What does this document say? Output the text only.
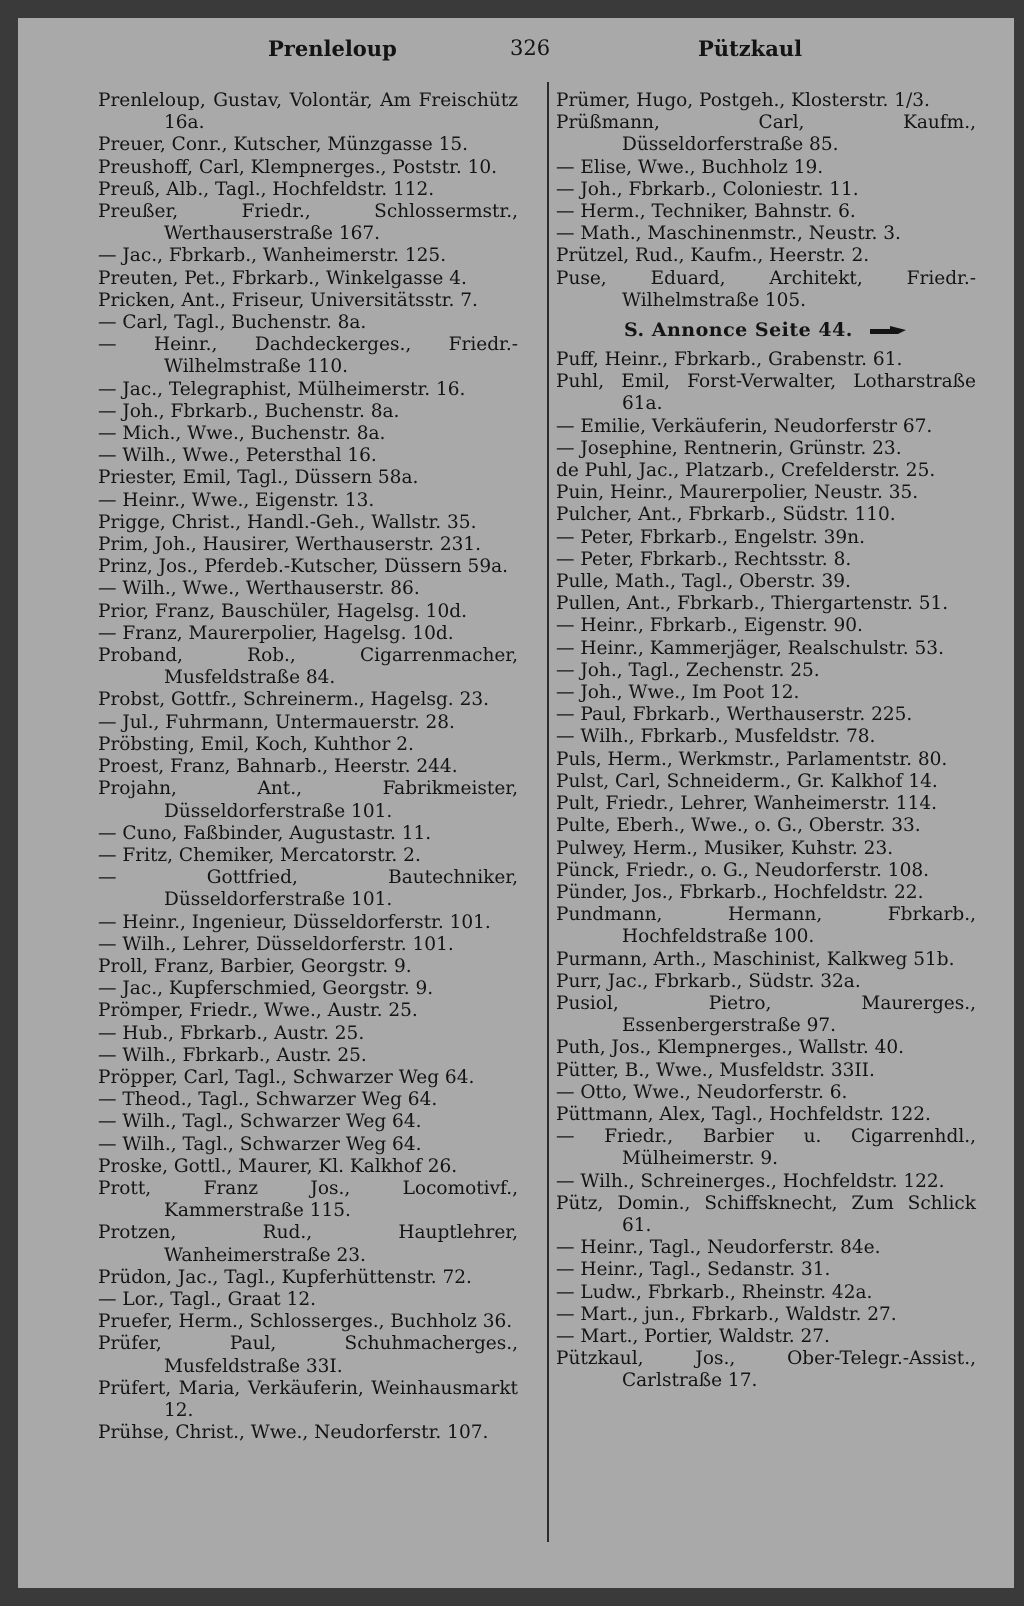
Prenleloup	326	Pützkaul

Prenleloup, Gustav, Volontär, Am Freischütz 16a.

Preuer, Conr., Kutscher, Münzgasse 15.

Preushoff, Carl, Klempnerges., Poststr. 10.

Preuß, Alb., Tagl., Hochfeldstr. 112.

Preußer, Friedr., Schlossermstr., Werthauserstraße 167.

— Jac., Fbrkarb., Wanheimerstr. 125.

Preuten, Pet., Fbrkarb., Winkelgasse 4.

Pricken, Ant., Friseur, Universitätsstr. 7.

— Carl, Tagl., Buchenstr. 8a.

— Heinr., Dachdeckerges., Friedr.-Wilhelmstraße 110.

— Jac., Telegraphist, Mülheimerstr. 16.

— Joh., Fbrkarb., Buchenstr. 8a.

— Mich., Wwe., Buchenstr. 8a.

— Wilh., Wwe., Petersthal 16.

Priester, Emil, Tagl., Düssern 58a.

— Heinr., Wwe., Eigenstr. 13.

Prigge, Christ., Handl.-Geh., Wallstr. 35.

Prim, Joh., Hausirer, Werthauserstr. 231.

Prinz, Jos., Pferdeb.-Kutscher, Düssern 59a.

— Wilh., Wwe., Werthauserstr. 86.

Prior, Franz, Bauschüler, Hagelsg. 10d.

— Franz, Maurerpolier, Hagelsg. 10d.

Proband, Rob., Cigarrenmacher, Musfeldstraße 84.

Probst, Gottfr., Schreinerm., Hagelsg. 23.

— Jul., Fuhrmann, Untermauerstr. 28.

Pröbsting, Emil, Koch, Kuhthor 2.

Proest, Franz, Bahnarb., Heerstr. 244.

Projahn, Ant., Fabrikmeister, Düsseldorferstraße 101.

— Cuno, Faßbinder, Augustastr. 11.

— Fritz, Chemiker, Mercatorstr. 2.

— Gottfried, Bautechniker, Düsseldorferstraße 101.

— Heinr., Ingenieur, Düsseldorferstr. 101.

— Wilh., Lehrer, Düsseldorferstr. 101.

Proll, Franz, Barbier, Georgstr. 9.

— Jac., Kupferschmied, Georgstr. 9.

Prömper, Friedr., Wwe., Austr. 25.

— Hub., Fbrkarb., Austr. 25.

— Wilh., Fbrkarb., Austr. 25.

Pröpper, Carl, Tagl., Schwarzer Weg 64.

— Theod., Tagl., Schwarzer Weg 64.

— Wilh., Tagl., Schwarzer Weg 64.

— Wilh., Tagl., Schwarzer Weg 64.

Proske, Gottl., Maurer, Kl. Kalkhof 26.

Prott, Franz Jos., Locomotivf., Kammerstraße 115.

Protzen, Rud., Hauptlehrer, Wanheimerstraße 23.

Prüdon, Jac., Tagl., Kupferhüttenstr. 72.

— Lor., Tagl., Graat 12.

Pruefer, Herm., Schlosserges., Buchholz 36.

Prüfer, Paul, Schuhmacherges., Musfeldstraße 33I.

Prüfert, Maria, Verkäuferin, Weinhausmarkt 12.

Prühse, Christ., Wwe., Neudorferstr. 107.

Prümer, Hugo, Postgeh., Klosterstr. 1/3.

Prüßmann, Carl, Kaufm., Düsseldorferstraße 85.

— Elise, Wwe., Buchholz 19.

— Joh., Fbrkarb., Coloniestr. 11.

— Herm., Techniker, Bahnstr. 6.

— Math., Maschinenmstr., Neustr. 3.

Prützel, Rud., Kaufm., Heerstr. 2.

Puse, Eduard, Architekt, Friedr.-Wilhelmstraße 105.

S. Annonce Seite 44.

Puff, Heinr., Fbrkarb., Grabenstr. 61.

Puhl, Emil, Forst-Verwalter, Lotharstraße 61a.

— Emilie, Verkäuferin, Neudorferstr 67.

— Josephine, Rentnerin, Grünstr. 23.

de Puhl, Jac., Platzarb., Crefelderstr. 25.

Puin, Heinr., Maurerpolier, Neustr. 35.

Pulcher, Ant., Fbrkarb., Südstr. 110.

— Peter, Fbrkarb., Engelstr. 39n.

— Peter, Fbrkarb., Rechtsstr. 8.

Pulle, Math., Tagl., Oberstr. 39.

Pullen, Ant., Fbrkarb., Thiergartenstr. 51.

— Heinr., Fbrkarb., Eigenstr. 90.

— Heinr., Kammerjäger, Realschulstr. 53.

— Joh., Tagl., Zechenstr. 25.

— Joh., Wwe., Im Poot 12.

— Paul, Fbrkarb., Werthauserstr. 225.

— Wilh., Fbrkarb., Musfeldstr. 78.

Puls, Herm., Werkmstr., Parlamentstr. 80.

Pulst, Carl, Schneiderm., Gr. Kalkhof 14.

Pult, Friedr., Lehrer, Wanheimerstr. 114.

Pulte, Eberh., Wwe., o. G., Oberstr. 33.

Pulwey, Herm., Musiker, Kuhstr. 23.

Pünck, Friedr., o. G., Neudorferstr. 108.

Pünder, Jos., Fbrkarb., Hochfeldstr. 22.

Pundmann, Hermann, Fbrkarb., Hochfeldstraße 100.

Purmann, Arth., Maschinist, Kalkweg 51b.

Purr, Jac., Fbrkarb., Südstr. 32a.

Pusiol, Pietro, Maurerges., Essenbergerstraße 97.

Puth, Jos., Klempnerges., Wallstr. 40.

Pütter, B., Wwe., Musfeldstr. 33II.

— Otto, Wwe., Neudorferstr. 6.

Püttmann, Alex, Tagl., Hochfeldstr. 122.

— Friedr., Barbier u. Cigarrenhdl., Mülheimerstr. 9.

— Wilh., Schreinerges., Hochfeldstr. 122.

Pütz, Domin., Schiffsknecht, Zum Schlick 61.

— Heinr., Tagl., Neudorferstr. 84e.

— Heinr., Tagl., Sedanstr. 31.

— Ludw., Fbrkarb., Rheinstr. 42a.

— Mart., jun., Fbrkarb., Waldstr. 27.

— Mart., Portier, Waldstr. 27.

Pützkaul, Jos., Ober-Telegr.-Assist., Carlstraße 17.
